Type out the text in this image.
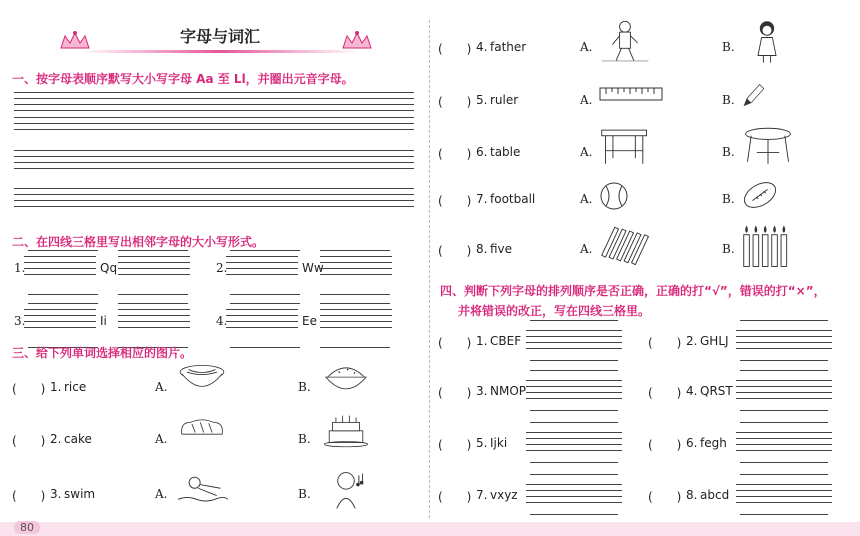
字母与词汇
一、按字母表顺序默写大小写字母 Aa 至 Ll，并圈出元音字母。
二、在四线三格里写出相邻字母的大小写形式。
1.	Qq	2.	Ww
3.	Ii	4.	Ee
三、给下列单词选择相应的图片。
(　　) 1. rice	A.	B.
(　　) 2. cake	A.	B.
(　　) 3. swim	A.	B.
(　　) 4. father	A.	B.
(　　) 5. ruler	A.	B.
(　　) 6. table	A.	B.
(　　) 7. football	A.	B.
(　　) 8. five	A.	B.
四、判断下列字母的排列顺序是否正确，正确的打“√”，错误的打“×”，
并将错误的改正，写在四线三格里。
(　　) 1. CBEF	(　　) 2. GHLJ
(　　) 3. NMOP	(　　) 4. QRST
(　　) 5. Ijki	(　　) 6. fegh
(　　) 7. vxyz	(　　) 8. abcd
80
